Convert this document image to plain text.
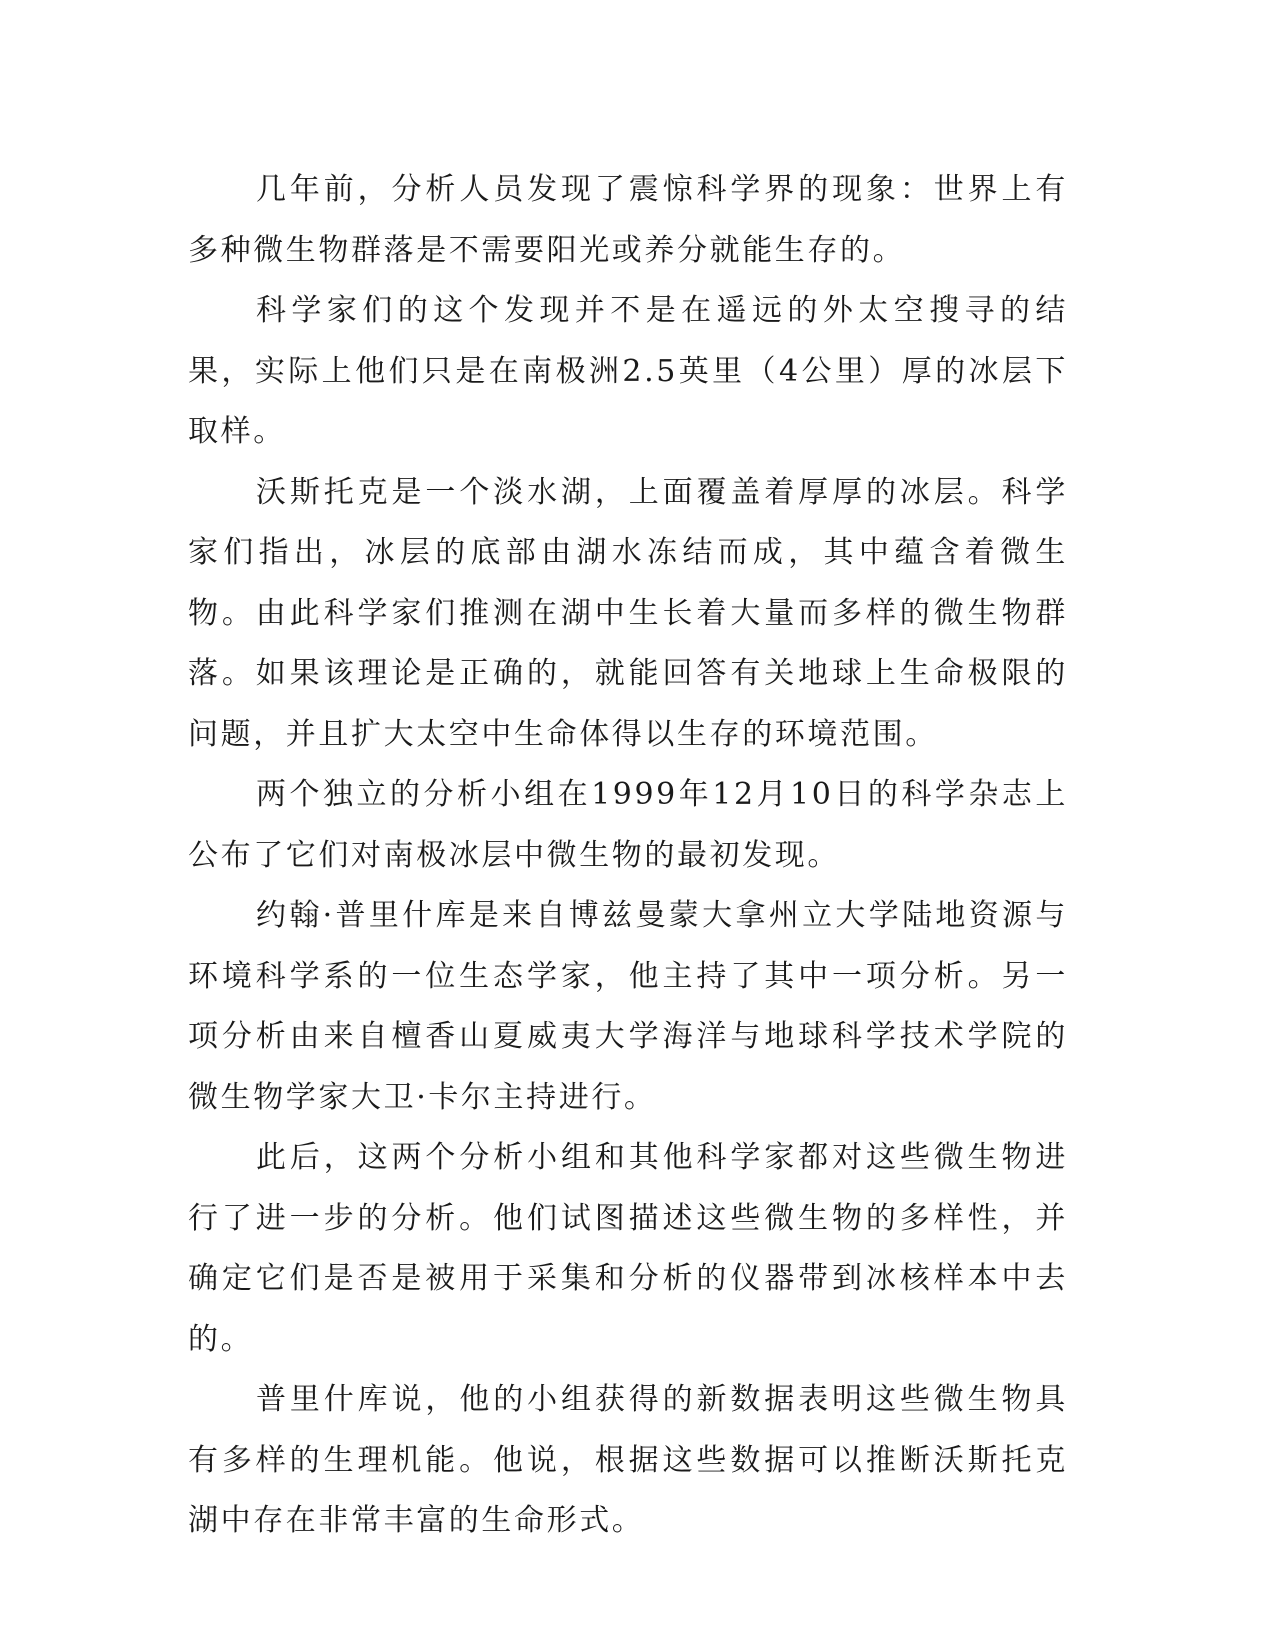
几年前，分析人员发现了震惊科学界的现象：世界上有多种微生物群落是不需要阳光或养分就能生存的。

科学家们的这个发现并不是在遥远的外太空搜寻的结果，实际上他们只是在南极洲2.5英里（4公里）厚的冰层下取样。

沃斯托克是一个淡水湖，上面覆盖着厚厚的冰层。科学家们指出，冰层的底部由湖水冻结而成，其中蕴含着微生物。由此科学家们推测在湖中生长着大量而多样的微生物群落。如果该理论是正确的，就能回答有关地球上生命极限的问题，并且扩大太空中生命体得以生存的环境范围。

两个独立的分析小组在1999年12月10日的科学杂志上公布了它们对南极冰层中微生物的最初发现。

约翰·普里什库是来自博兹曼蒙大拿州立大学陆地资源与环境科学系的一位生态学家，他主持了其中一项分析。另一项分析由来自檀香山夏威夷大学海洋与地球科学技术学院的微生物学家大卫·卡尔主持进行。

此后，这两个分析小组和其他科学家都对这些微生物进行了进一步的分析。他们试图描述这些微生物的多样性，并确定它们是否是被用于采集和分析的仪器带到冰核样本中去的。

普里什库说，他的小组获得的新数据表明这些微生物具有多样的生理机能。他说，根据这些数据可以推断沃斯托克湖中存在非常丰富的生命形式。
